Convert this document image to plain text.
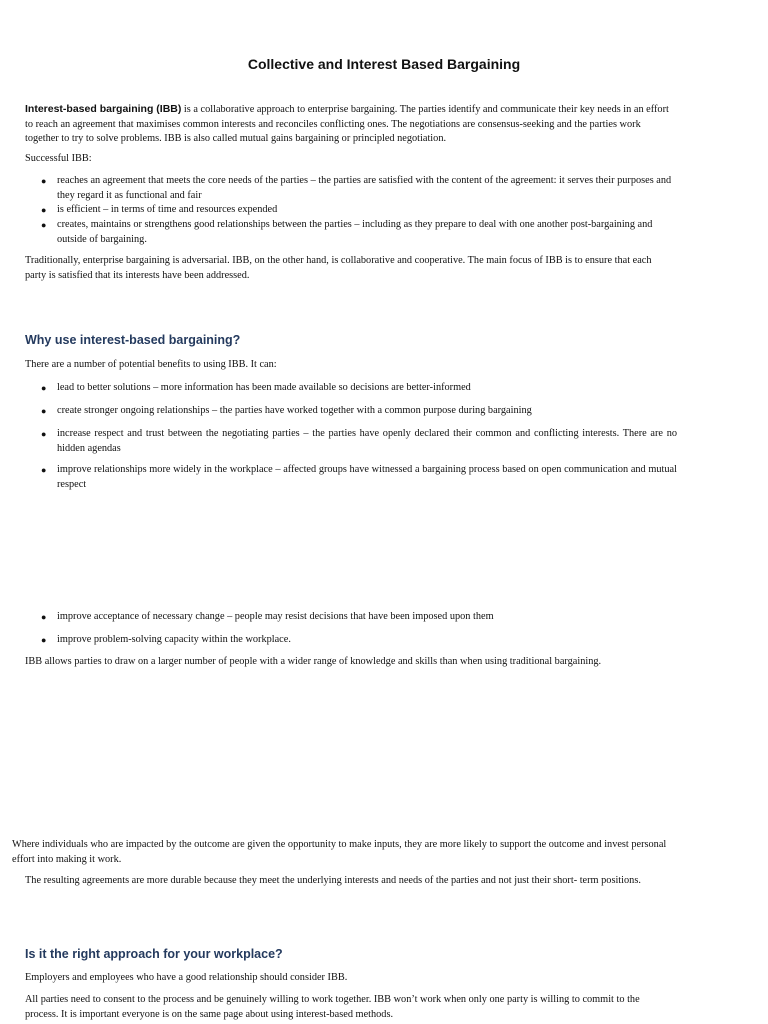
Collective and Interest Based Bargaining
Interest-based bargaining (IBB) is a collaborative approach to enterprise bargaining. The parties identify and communicate their key needs in an effort to reach an agreement that maximises common interests and reconciles conflicting ones. The negotiations are consensus-seeking and the parties work together to try to solve problems. IBB is also called mutual gains bargaining or principled negotiation.
Successful IBB:
● reaches an agreement that meets the core needs of the parties – the parties are satisfied with the content of the agreement: it serves their purposes and they regard it as functional and fair
● is efficient – in terms of time and resources expended
● creates, maintains or strengthens good relationships between the parties – including as they prepare to deal with one another post-bargaining and outside of bargaining.
Traditionally, enterprise bargaining is adversarial. IBB, on the other hand, is collaborative and cooperative. The main focus of IBB is to ensure that each party is satisfied that its interests have been addressed.
Why use interest-based bargaining?
There are a number of potential benefits to using IBB. It can:
● lead to better solutions – more information has been made available so decisions are better-informed
● create stronger ongoing relationships – the parties have worked together with a common purpose during bargaining
● increase respect and trust between the negotiating parties – the parties have openly declared their common and conflicting interests. There are no hidden agendas
● improve relationships more widely in the workplace – affected groups have witnessed a bargaining process based on open communication and mutual respect
● improve acceptance of necessary change – people may resist decisions that have been imposed upon them
● improve problem-solving capacity within the workplace.
IBB allows parties to draw on a larger number of people with a wider range of knowledge and skills than when using traditional bargaining.
Where individuals who are impacted by the outcome are given the opportunity to make inputs, they are more likely to support the outcome and invest personal effort into making it work.
The resulting agreements are more durable because they meet the underlying interests and needs of the parties and not just their short- term positions.
Is it the right approach for your workplace?
Employers and employees who have a good relationship should consider IBB.
All parties need to consent to the process and be genuinely willing to work together. IBB won’t work when only one party is willing to commit to the process. It is important everyone is on the same page about using interest-based methods.
